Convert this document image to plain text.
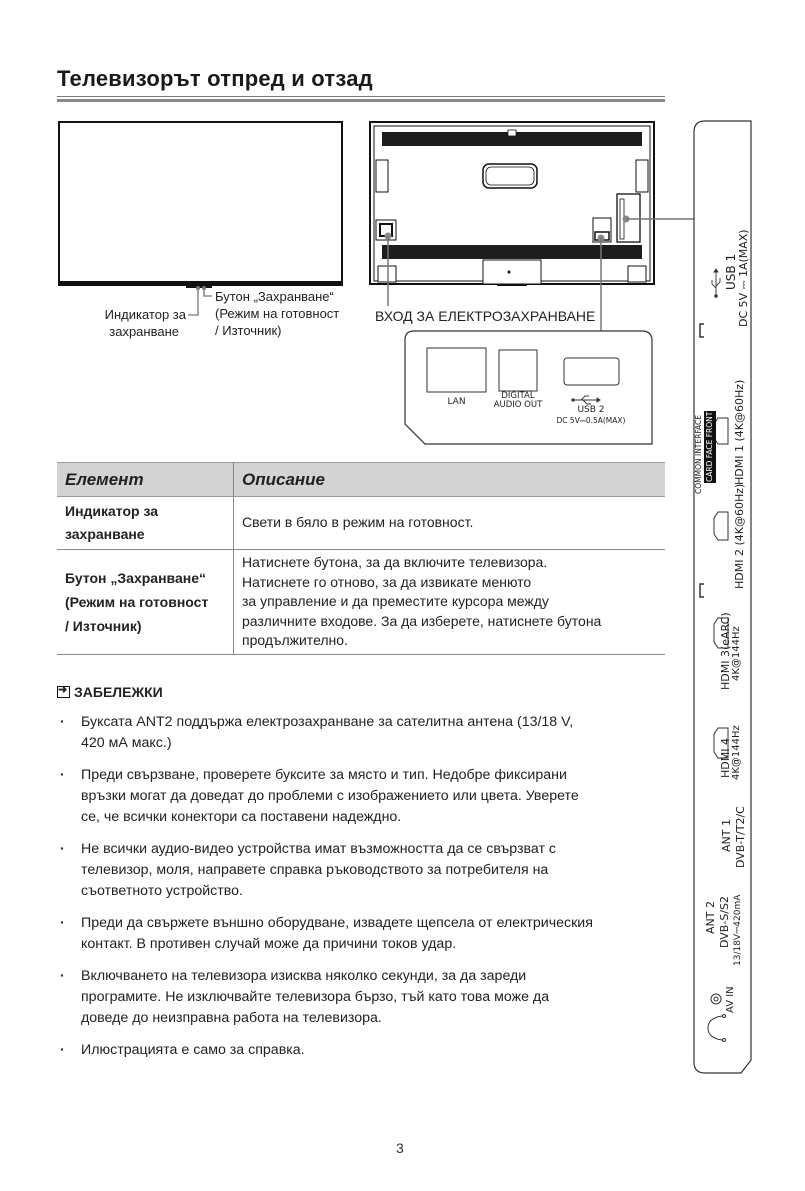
Телевизорът отпред и отзад
Индикатор за
захранване
Бутон „Захранване“
(Режим на готовност
/ Източник)
ВХОД ЗА ЕЛЕКТРОЗАХРАНВАНЕ
LAN
DIGITAL
AUDIO OUT	USB 2
DC 5V⎓0.5A(MAX)
USB 1 DC 5V ⎓ 1A(MAX)
COMMON INTERFACE CARD FACE FRONT HDMI 1 (4K@60Hz)
HDMI 2 (4K@60Hz)
HDMI 3(eARC) 4K@144Hz
HDMI 4 4K@144Hz
ANT 1 DVB-T/T2/C
ANT 2 DVB-S/S2 13/18V⎓420mA
AV IN
Елемент	Описание

Индикатор за
захранване	Свети в бяло в режим на готовност.

Бутон „Захранване“
(Режим на готовност
/ Източник)	Натиснете бутона, за да включите телевизора.
Натиснете го отново, за да извикате менюто
за управление и да преместите курсора между
различните входове. За да изберете, натиснете бутона
продължително.
➜
ЗАБЕЛЕЖКИ
· Буксата ANT2 поддържа електрозахранване за сателитна антена (13/18 V,
420 мА макс.)
· Преди свързване, проверете буксите за място и тип. Недобре фиксирани
връзки могат да доведат до проблеми с изображението или цвета. Уверете
се, че всички конектори са поставени надеждно.
· Не всички аудио-видео устройства имат възможността да се свързват с
телевизор, моля, направете справка ръководството за потребителя на
съответното устройство.
· Преди да свържете външно оборудване, извадете щепсела от електрическия
контакт. В противен случай може да причини токов удар.
· Включването на телевизора изисква няколко секунди, за да зареди
програмите. Не изключвайте телевизора бързо, тъй като това може да
доведе до неизправна работа на телевизора.
· Илюстрацията е само за справка.
3
